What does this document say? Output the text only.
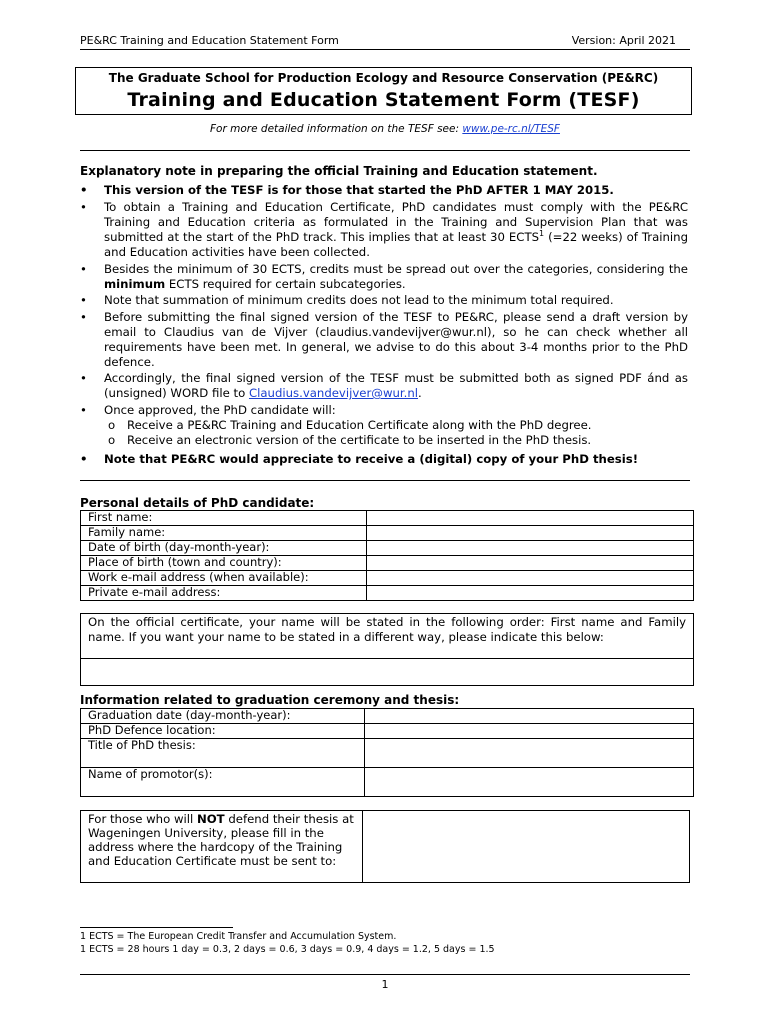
PE&RC Training and Education Statement Form	Version: April 2021
The Graduate School for Production Ecology and Resource Conservation (PE&RC)
Training and Education Statement Form (TESF)
For more detailed information on the TESF see: www.pe-rc.nl/TESF
Explanatory note in preparing the official Training and Education statement.
• This version of the TESF is for those that started the PhD AFTER 1 MAY 2015.
• To obtain a Training and Education Certificate, PhD candidates must comply with the PE&RC Training and Education criteria as formulated in the Training and Supervision Plan that was submitted at the start of the PhD track. This implies that at least 30 ECTS$^1$ (=22 weeks) of Training and Education activities have been collected.
• Besides the minimum of 30 ECTS, credits must be spread out over the categories, considering the minimum ECTS required for certain subcategories.
• Note that summation of minimum credits does not lead to the minimum total required.
• Before submitting the final signed version of the TESF to PE&RC, please send a draft version by email to Claudius van de Vijver (claudius.vandevijver@wur.nl), so he can check whether all requirements have been met. In general, we advise to do this about 3-4 months prior to the PhD defence.
• Accordingly, the final signed version of the TESF must be submitted both as signed PDF ánd as (unsigned) WORD file to Claudius.vandevijver@wur.nl.
• Once approved, the PhD candidate will:
o Receive a PE&RC Training and Education Certificate along with the PhD degree.
o Receive an electronic version of the certificate to be inserted in the PhD thesis.
• Note that PE&RC would appreciate to receive a (digital) copy of your PhD thesis!
Personal details of PhD candidate:
First name:	
Family name:	
Date of birth (day-month-year):	
Place of birth (town and country):	
Work e-mail address (when available):	
Private e-mail address:	
On the official certificate, your name will be stated in the following order: First name and Family name. If you want your name to be stated in a different way, please indicate this below:
Information related to graduation ceremony and thesis:
Graduation date (day-month-year):	
PhD Defence location:	
Title of PhD thesis:	
Name of promotor(s):	
For those who will NOT defend their thesis at Wageningen University, please fill in the address where the hardcopy of the Training and Education Certificate must be sent to:
1 ECTS = The European Credit Transfer and Accumulation System.
1 ECTS = 28 hours 1 day = 0.3, 2 days = 0.6, 3 days = 0.9, 4 days = 1.2, 5 days = 1.5
1
